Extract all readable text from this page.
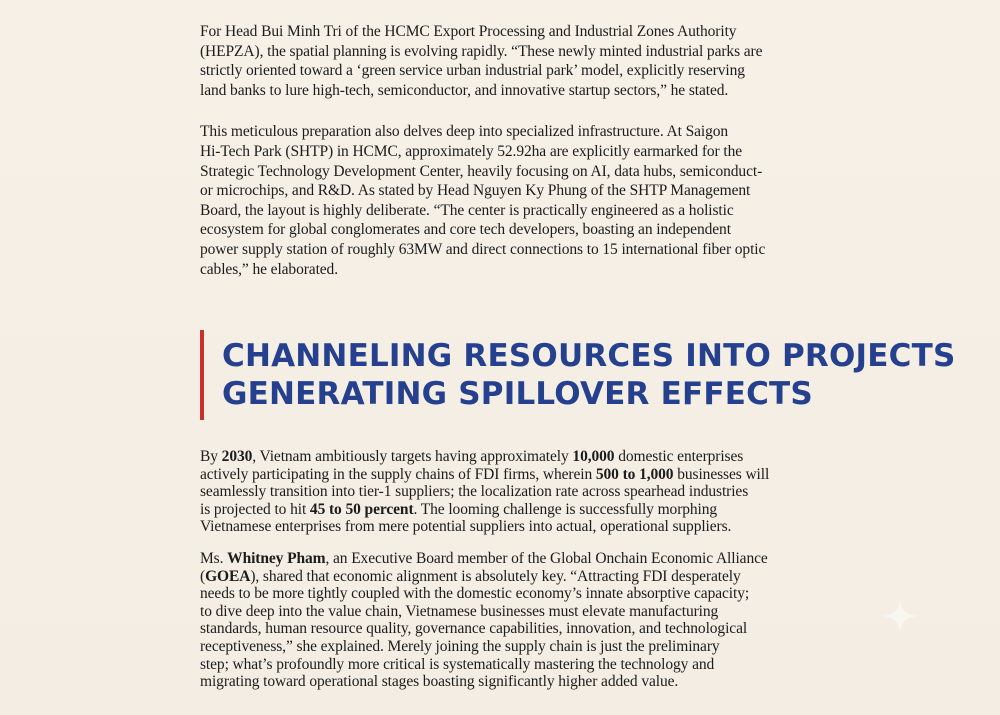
For Head Bui Minh Tri of the HCMC Export Processing and Industrial Zones Authority
(HEPZA), the spatial planning is evolving rapidly. “These newly minted industrial parks are
strictly oriented toward a ‘green service urban industrial park’ model, explicitly reserving
land banks to lure high-tech, semiconductor, and innovative startup sectors,” he stated.

This meticulous preparation also delves deep into specialized infrastructure. At Saigon
Hi-Tech Park (SHTP) in HCMC, approximately 52.92ha are explicitly earmarked for the
Strategic Technology Development Center, heavily focusing on AI, data hubs, semiconduct-
or microchips, and R&D. As stated by Head Nguyen Ky Phung of the SHTP Management
Board, the layout is highly deliberate. “The center is practically engineered as a holistic
ecosystem for global conglomerates and core tech developers, boasting an independent
power supply station of roughly 63MW and direct connections to 15 international fiber optic
cables,” he elaborated.

CHANNELING RESOURCES INTO PROJECTS
GENERATING SPILLOVER EFFECTS

By 2030, Vietnam ambitiously targets having approximately 10,000 domestic enterprises
actively participating in the supply chains of FDI firms, wherein 500 to 1,000 businesses will
seamlessly transition into tier-1 suppliers; the localization rate across spearhead industries
is projected to hit 45 to 50 percent. The looming challenge is successfully morphing
Vietnamese enterprises from mere potential suppliers into actual, operational suppliers.

Ms. Whitney Pham, an Executive Board member of the Global Onchain Economic Alliance
(GOEA), shared that economic alignment is absolutely key. “Attracting FDI desperately
needs to be more tightly coupled with the domestic economy’s innate absorptive capacity;
to dive deep into the value chain, Vietnamese businesses must elevate manufacturing
standards, human resource quality, governance capabilities, innovation, and technological
receptiveness,” she explained. Merely joining the supply chain is just the preliminary
step; what’s profoundly more critical is systematically mastering the technology and
migrating toward operational stages boasting significantly higher added value.
